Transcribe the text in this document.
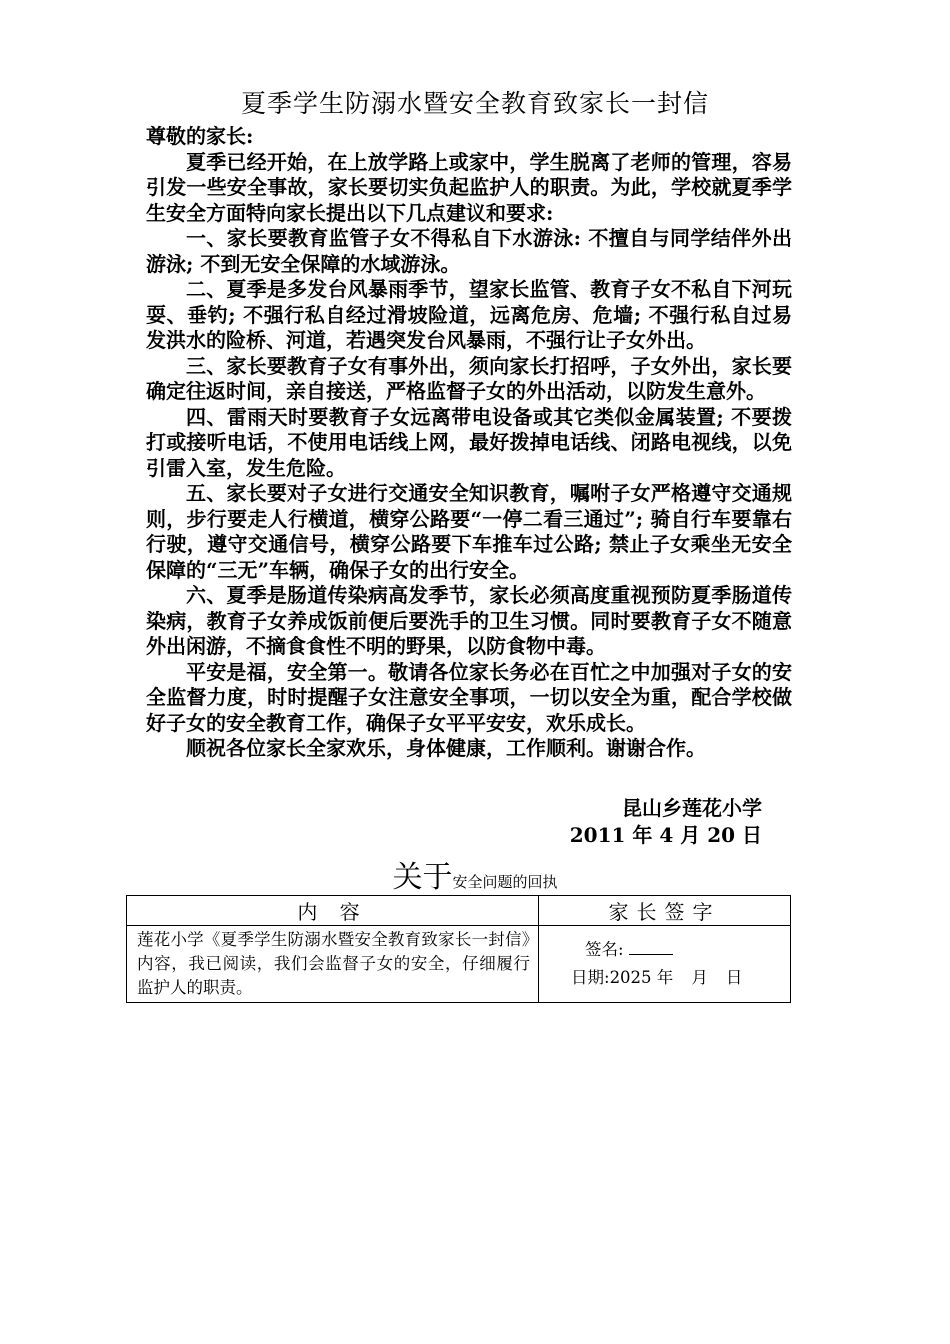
夏季学生防溺水暨安全教育致家长一封信

尊敬的家长:

夏季已经开始，在上放学路上或家中，学生脱离了老师的管理，容易引发一些安全事故，家长要切实负起监护人的职责。为此，学校就夏季学生安全方面特向家长提出以下几点建议和要求:

一、家长要教育监管子女不得私自下水游泳: 不擅自与同学结伴外出游泳; 不到无安全保障的水域游泳。

二、夏季是多发台风暴雨季节，望家长监管、教育子女不私自下河玩耍、垂钓; 不强行私自经过滑坡险道，远离危房、危墙; 不强行私自过易发洪水的险桥、河道，若遇突发台风暴雨，不强行让子女外出。

三、家长要教育子女有事外出，须向家长打招呼，子女外出，家长要确定往返时间，亲自接送，严格监督子女的外出活动，以防发生意外。

四、雷雨天时要教育子女远离带电设备或其它类似金属装置; 不要拨打或接听电话，不使用电话线上网，最好拨掉电话线、闭路电视线，以免引雷入室，发生危险。

五、家长要对子女进行交通安全知识教育，嘱咐子女严格遵守交通规则，步行要走人行横道，横穿公路要“一停二看三通过”; 骑自行车要靠右行驶，遵守交通信号，横穿公路要下车推车过公路; 禁止子女乘坐无安全保障的“三无”车辆，确保子女的出行安全。

六、夏季是肠道传染病高发季节，家长必须高度重视预防夏季肠道传染病，教育子女养成饭前便后要洗手的卫生习惯。同时要教育子女不随意外出闲游，不摘食食性不明的野果，以防食物中毒。

平安是福，安全第一。敬请各位家长务必在百忙之中加强对子女的安全监督力度，时时提醒子女注意安全事项，一切以安全为重，配合学校做好子女的安全教育工作，确保子女平平安安，欢乐成长。

顺祝各位家长全家欢乐，身体健康，工作顺利。谢谢合作。

昆山乡莲花小学
2011 年 4 月 20 日
关于安全问题的回执
内 容	家长签字
莲花小学《夏季学生防溺水暨安全教育致家长一封信》内容，我已阅读，我们会监督子女的安全，仔细履行监护人的职责。	签名:
日期:2025 年 月 日
